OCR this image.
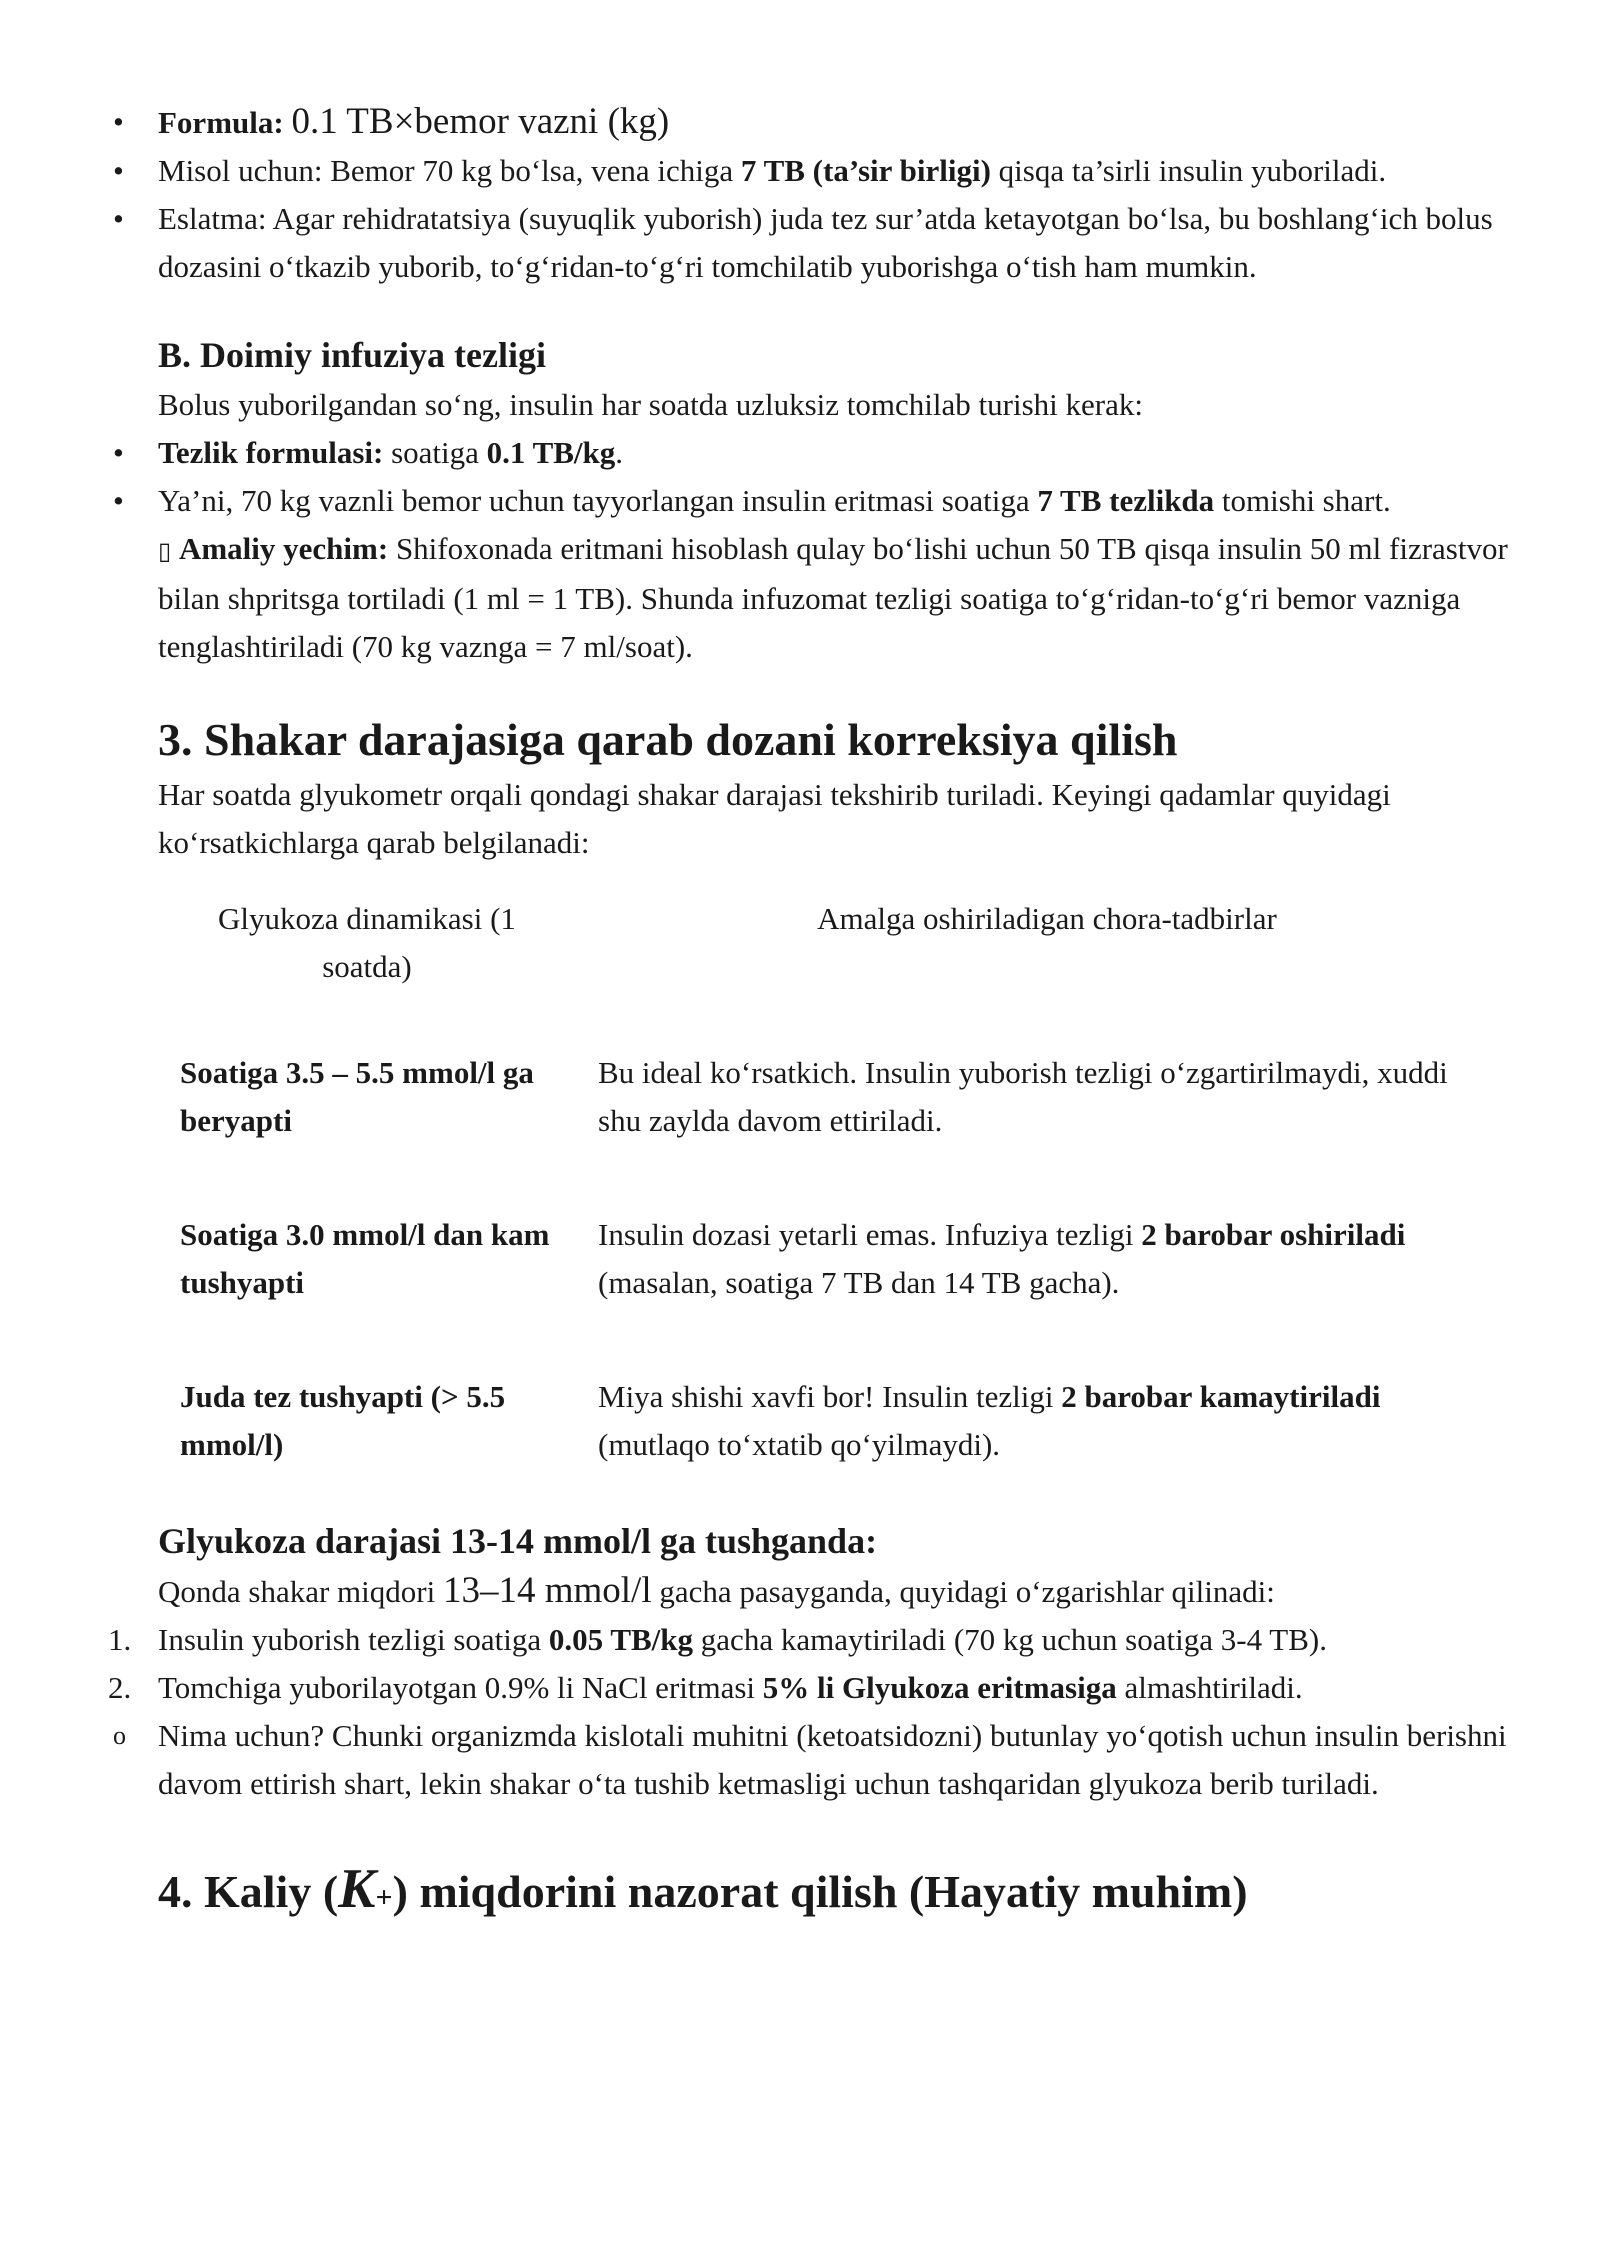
• Formula: 0.1 TB×bemor vazni (kg)
• Misol uchun: Bemor 70 kg bo‘lsa, vena ichiga 7 TB (ta’sir birligi) qisqa ta’sirli insulin yuboriladi.
• Eslatma: Agar rehidratatsiya (suyuqlik yuborish) juda tez sur’atda ketayotgan bo‘lsa, bu boshlang‘ich bolus dozasini o‘tkazib yuborib, to‘g‘ridan-to‘g‘ri tomchilatib yuborishga o‘tish ham mumkin.
B. Doimiy infuziya tezligi

Bolus yuborilgandan so‘ng, insulin har soatda uzluksiz tomchilab turishi kerak:

• Tezlik formulasi: soatiga 0.1 TB/kg.
• Ya’ni, 70 kg vaznli bemor uchun tayyorlangan insulin eritmasi soatiga 7 TB tezlikda tomishi shart.

▯ Amaliy yechim: Shifoxonada eritmani hisoblash qulay bo‘lishi uchun 50 TB qisqa insulin 50 ml fizrastvor bilan shpritsga tortiladi (1 ml = 1 TB). Shunda infuzomat tezligi soatiga to‘g‘ridan-to‘g‘ri bemor vazniga tenglashtiriladi (70 kg vaznga = 7 ml/soat).

3. Shakar darajasiga qarab dozani korreksiya qilish

Har soatda glyukometr orqali qondagi shakar darajasi tekshirib turiladi. Keyingi qadamlar quyidagi ko‘rsatkichlarga qarab belgilanadi:

Glyukoza dinamikasi (1 soatda)	Amalga oshiriladigan chora-tadbirlar
Soatiga 3.5 – 5.5 mmol/l ga beryapti	Bu ideal ko‘rsatkich. Insulin yuborish tezligi o‘zgartirilmaydi, xuddi shu zaylda davom ettiriladi.
Soatiga 3.0 mmol/l dan kam tushyapti	Insulin dozasi yetarli emas. Infuziya tezligi 2 barobar oshiriladi (masalan, soatiga 7 TB dan 14 TB gacha).
Juda tez tushyapti (> 5.5 mmol/l)	Miya shishi xavfi bor! Insulin tezligi 2 barobar kamaytiriladi (mutlaqo to‘xtatib qo‘yilmaydi).
Glyukoza darajasi 13-14 mmol/l ga tushganda:

Qonda shakar miqdori 13–14 mmol/l gacha pasayganda, quyidagi o‘zgarishlar qilinadi:

1. Insulin yuborish tezligi soatiga 0.05 TB/kg gacha kamaytiriladi (70 kg uchun soatiga 3-4 TB).
2. Tomchiga yuborilayotgan 0.9% li NaCl eritmasi 5% li Glyukoza eritmasiga almashtiriladi.
o Nima uchun? Chunki organizmda kislotali muhitni (ketoatsidozni) butunlay yo‘qotish uchun insulin berishni davom ettirish shart, lekin shakar o‘ta tushib ketmasligi uchun tashqaridan glyukoza berib turiladi.
4. Kaliy (K+) miqdorini nazorat qilish (Hayatiy muhim)
